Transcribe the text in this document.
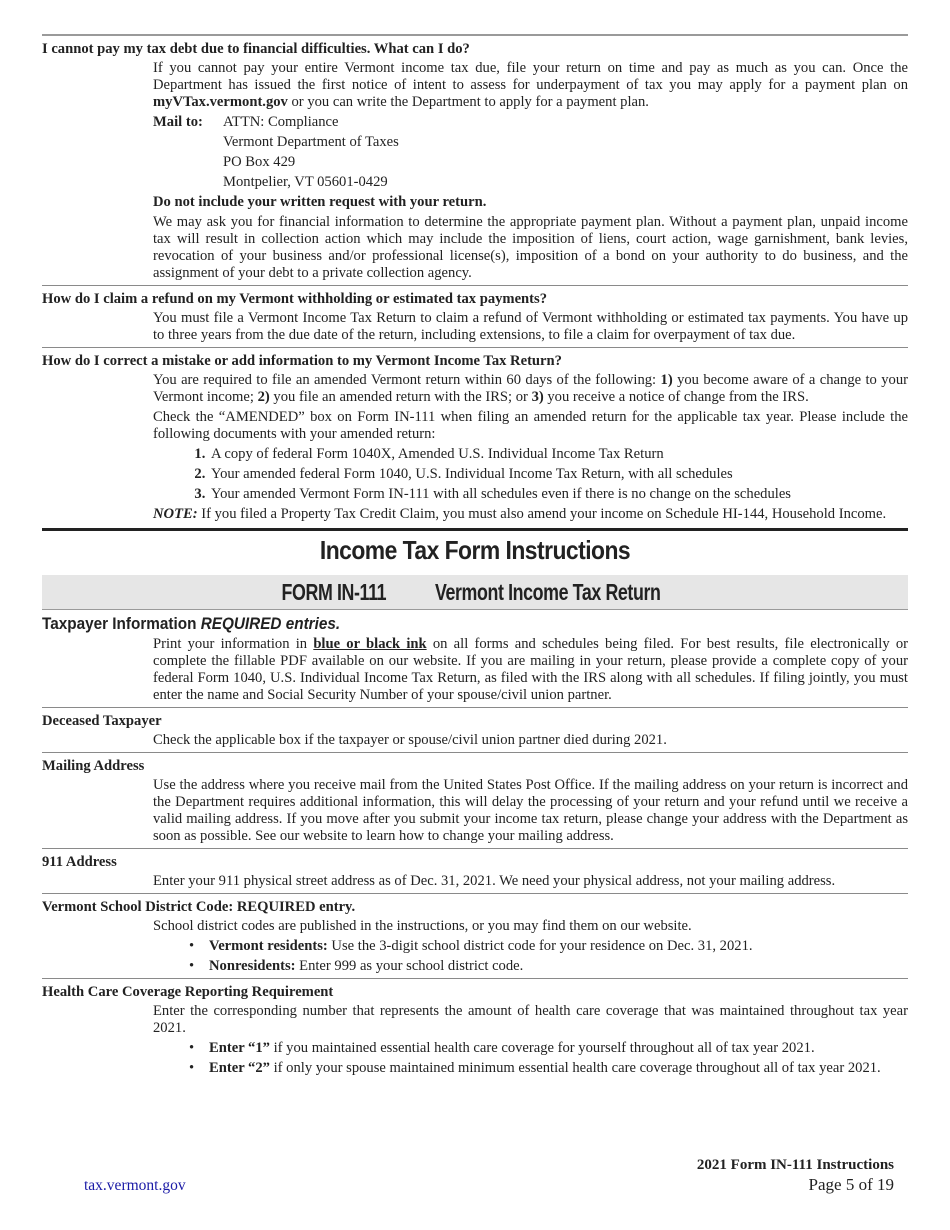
I cannot pay my tax debt due to financial difficulties. What can I do?

If you cannot pay your entire Vermont income tax due, file your return on time and pay as much as you can. Once the Department has issued the first notice of intent to assess for underpayment of tax you may apply for a payment plan on myVTax.vermont.gov or you can write the Department to apply for a payment plan.

Mail to:	ATTN: Compliance
Vermont Department of Taxes
PO Box 429
Montpelier, VT 05601-0429

Do not include your written request with your return.

We may ask you for financial information to determine the appropriate payment plan. Without a payment plan, unpaid income tax will result in collection action which may include the imposition of liens, court action, wage garnishment, bank levies, revocation of your business and/or professional license(s), imposition of a bond on your authority to do business, and the assignment of your debt to a private collection agency.

How do I claim a refund on my Vermont withholding or estimated tax payments?

You must file a Vermont Income Tax Return to claim a refund of Vermont withholding or estimated tax payments. You have up to three years from the due date of the return, including extensions, to file a claim for overpayment of tax due.

How do I correct a mistake or add information to my Vermont Income Tax Return?

You are required to file an amended Vermont return within 60 days of the following: 1) you become aware of a change to your Vermont income; 2) you file an amended return with the IRS; or 3) you receive a notice of change from the IRS.

Check the “AMENDED” box on Form IN-111 when filing an amended return for the applicable tax year. Please include the following documents with your amended return:

1. A copy of federal Form 1040X, Amended U.S. Individual Income Tax Return
2. Your amended federal Form 1040, U.S. Individual Income Tax Return, with all schedules
3. Your amended Vermont Form IN-111 with all schedules even if there is no change on the schedules

NOTE: If you filed a Property Tax Credit Claim, you must also amend your income on Schedule HI-144, Household Income.

Income Tax Form Instructions
FORM IN-111 Vermont Income Tax Return
Taxpayer Information REQUIRED entries.

Print your information in blue or black ink on all forms and schedules being filed. For best results, file electronically or complete the fillable PDF available on our website. If you are mailing in your return, please provide a complete copy of your federal Form 1040, U.S. Individual Income Tax Return, as filed with the IRS along with all schedules. If filing jointly, you must enter the name and Social Security Number of your spouse/civil union partner.

Deceased Taxpayer

Check the applicable box if the taxpayer or spouse/civil union partner died during 2021.

Mailing Address

Use the address where you receive mail from the United States Post Office. If the mailing address on your return is incorrect and the Department requires additional information, this will delay the processing of your return and your refund until we receive a valid mailing address. If you move after you submit your income tax return, please change your address with the Department as soon as possible. See our website to learn how to change your mailing address.

911 Address

Enter your 911 physical street address as of Dec. 31, 2021. We need your physical address, not your mailing address.

Vermont School District Code: REQUIRED entry.

School district codes are published in the instructions, or you may find them on our website.

• Vermont residents: Use the 3-digit school district code for your residence on Dec. 31, 2021.
• Nonresidents: Enter 999 as your school district code.
Health Care Coverage Reporting Requirement

Enter the corresponding number that represents the amount of health care coverage that was maintained throughout tax year 2021.

• Enter “1” if you maintained essential health care coverage for yourself throughout all of tax year 2021.
• Enter “2” if only your spouse maintained minimum essential health care coverage throughout all of tax year 2021.
2021 Form IN-111 Instructions
Page 5 of 19
tax.vermont.gov
